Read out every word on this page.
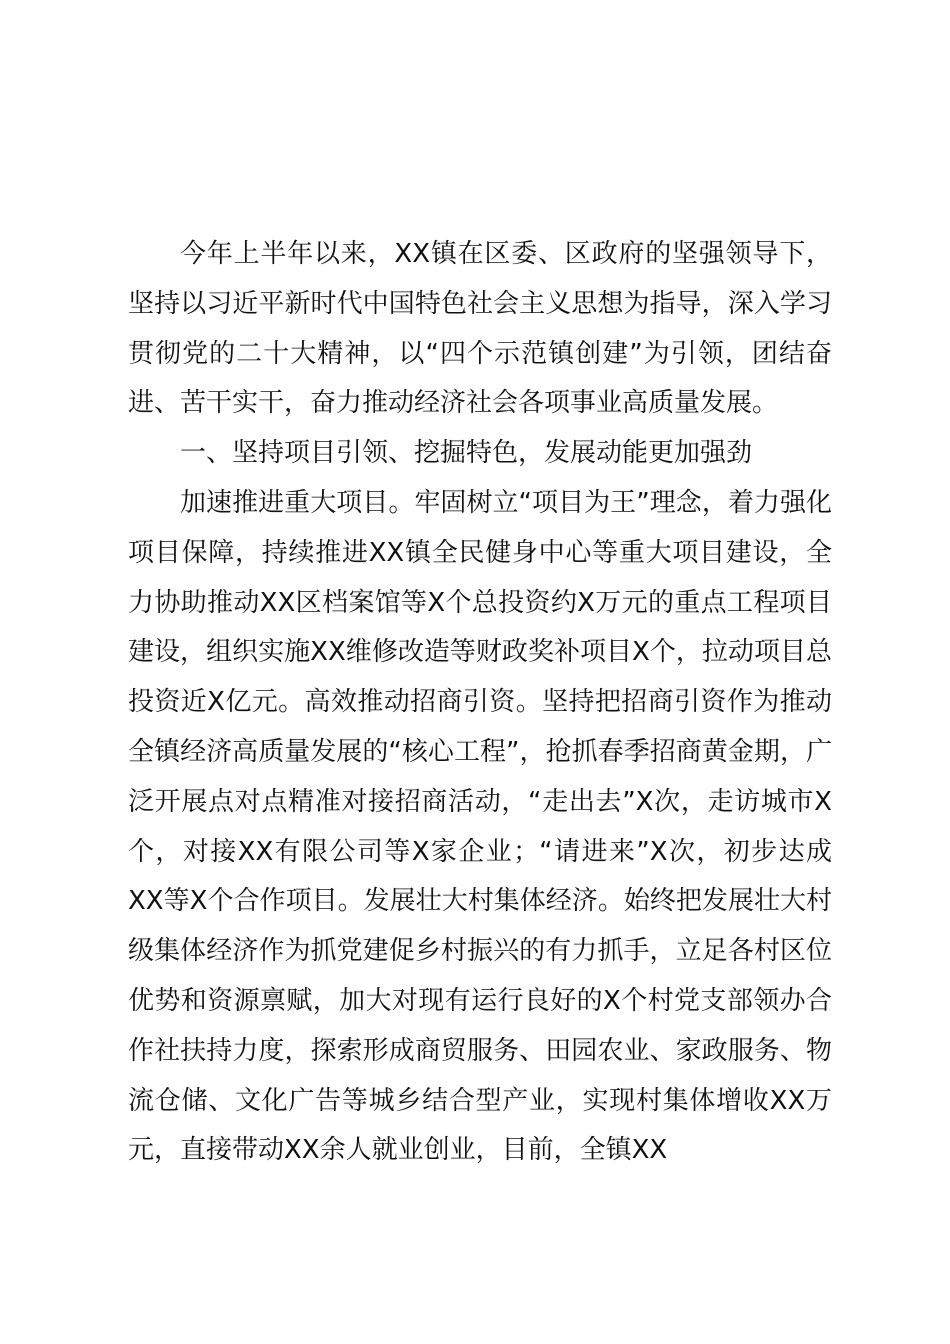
今年上半年以来，XX镇在区委、区政府的坚强领导下，坚持以习近平新时代中国特色社会主义思想为指导，深入学习贯彻党的二十大精神，以“四个示范镇创建”为引领，团结奋进、苦干实干，奋力推动经济社会各项事业高质量发展。

一、坚持项目引领、挖掘特色，发展动能更加强劲

加速推进重大项目。牢固树立“项目为王”理念，着力强化项目保障，持续推进XX镇全民健身中心等重大项目建设，全力协助推动XX区档案馆等X个总投资约X万元的重点工程项目建设，组织实施XX维修改造等财政奖补项目X个，拉动项目总投资近X亿元。高效推动招商引资。坚持把招商引资作为推动全镇经济高质量发展的“核心工程”，抢抓春季招商黄金期，广泛开展点对点精准对接招商活动，“走出去”X次，走访城市X个，对接XX有限公司等X家企业；“请进来”X次，初步达成XX等X个合作项目。发展壮大村集体经济。始终把发展壮大村级集体经济作为抓党建促乡村振兴的有力抓手，立足各村区位优势和资源禀赋，加大对现有运行良好的X个村党支部领办合作社扶持力度，探索形成商贸服务、田园农业、家政服务、物流仓储、文化广告等城乡结合型产业，实现村集体增收XX万元，直接带动XX余人就业创业，目前，全镇XX
